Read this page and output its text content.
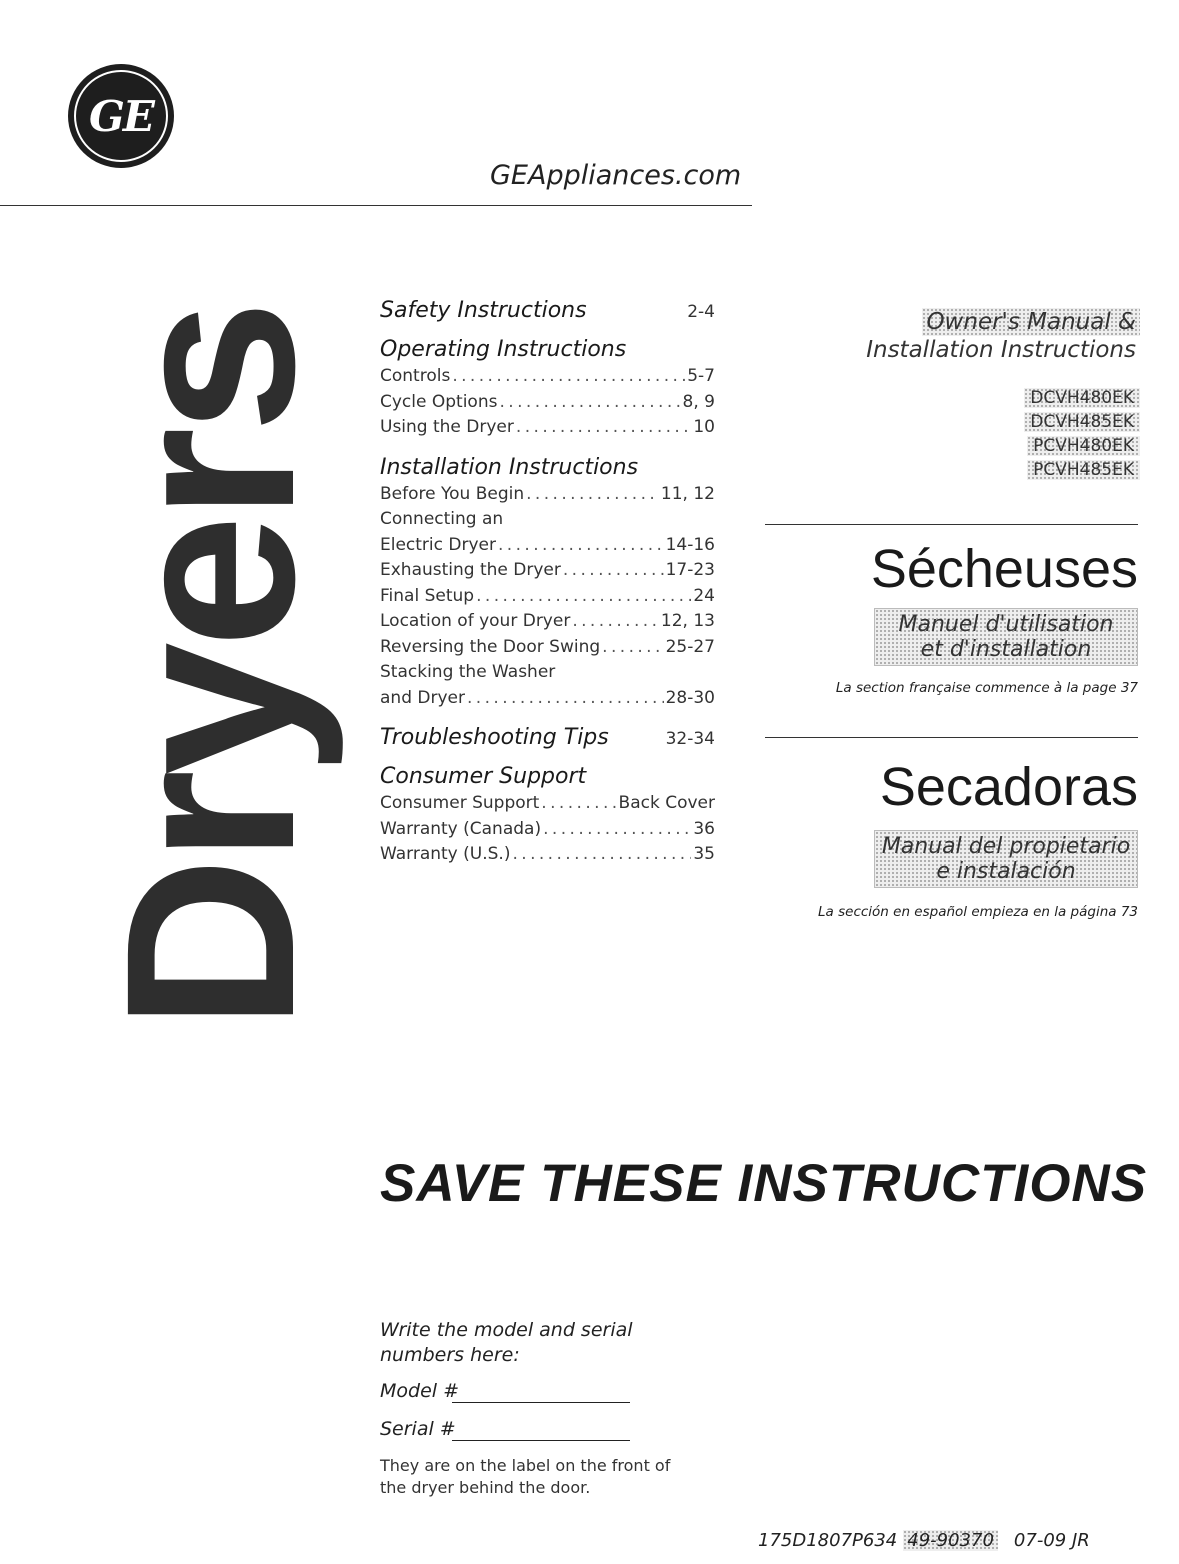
GE
GEAppliances.com
Dryers Safety Instructions	2-4
Operating Instructions
Controls . . .	5-7
Cycle Options . . .	8, 9
Using the Dryer . . .	10
Installation Instructions
Before You Begin . . .	11, 12
Connecting an
Electric Dryer . . .	14-16
Exhausting the Dryer . . .	17-23
Final Setup . . .	24
Location of your Dryer . . .	12, 13
Reversing the Door Swing . . .	25-27
Stacking the Washer
and Dryer . . .	28-30
Troubleshooting Tips	32-34
Consumer Support
Consumer Support . . .	Back Cover
Warranty (Canada) . . .	36
Warranty (U.S.) . . .	35
Owner's Manual &
Installation Instructions
DCVH480EK
DCVH485EK
PCVH480EK
PCVH485EK
Sécheuses
Manuel d'utilisation
et d'installation
La section française commence à la page 37
Secadoras
Manual del propietario
e instalación
La sección en español empieza en la página 73
SAVE THESE INSTRUCTIONS
Write the model and serial numbers here:
Model #
Serial #
They are on the label on the front of the dryer behind the door.
175D1807P634 49-90370 07-09 JR
